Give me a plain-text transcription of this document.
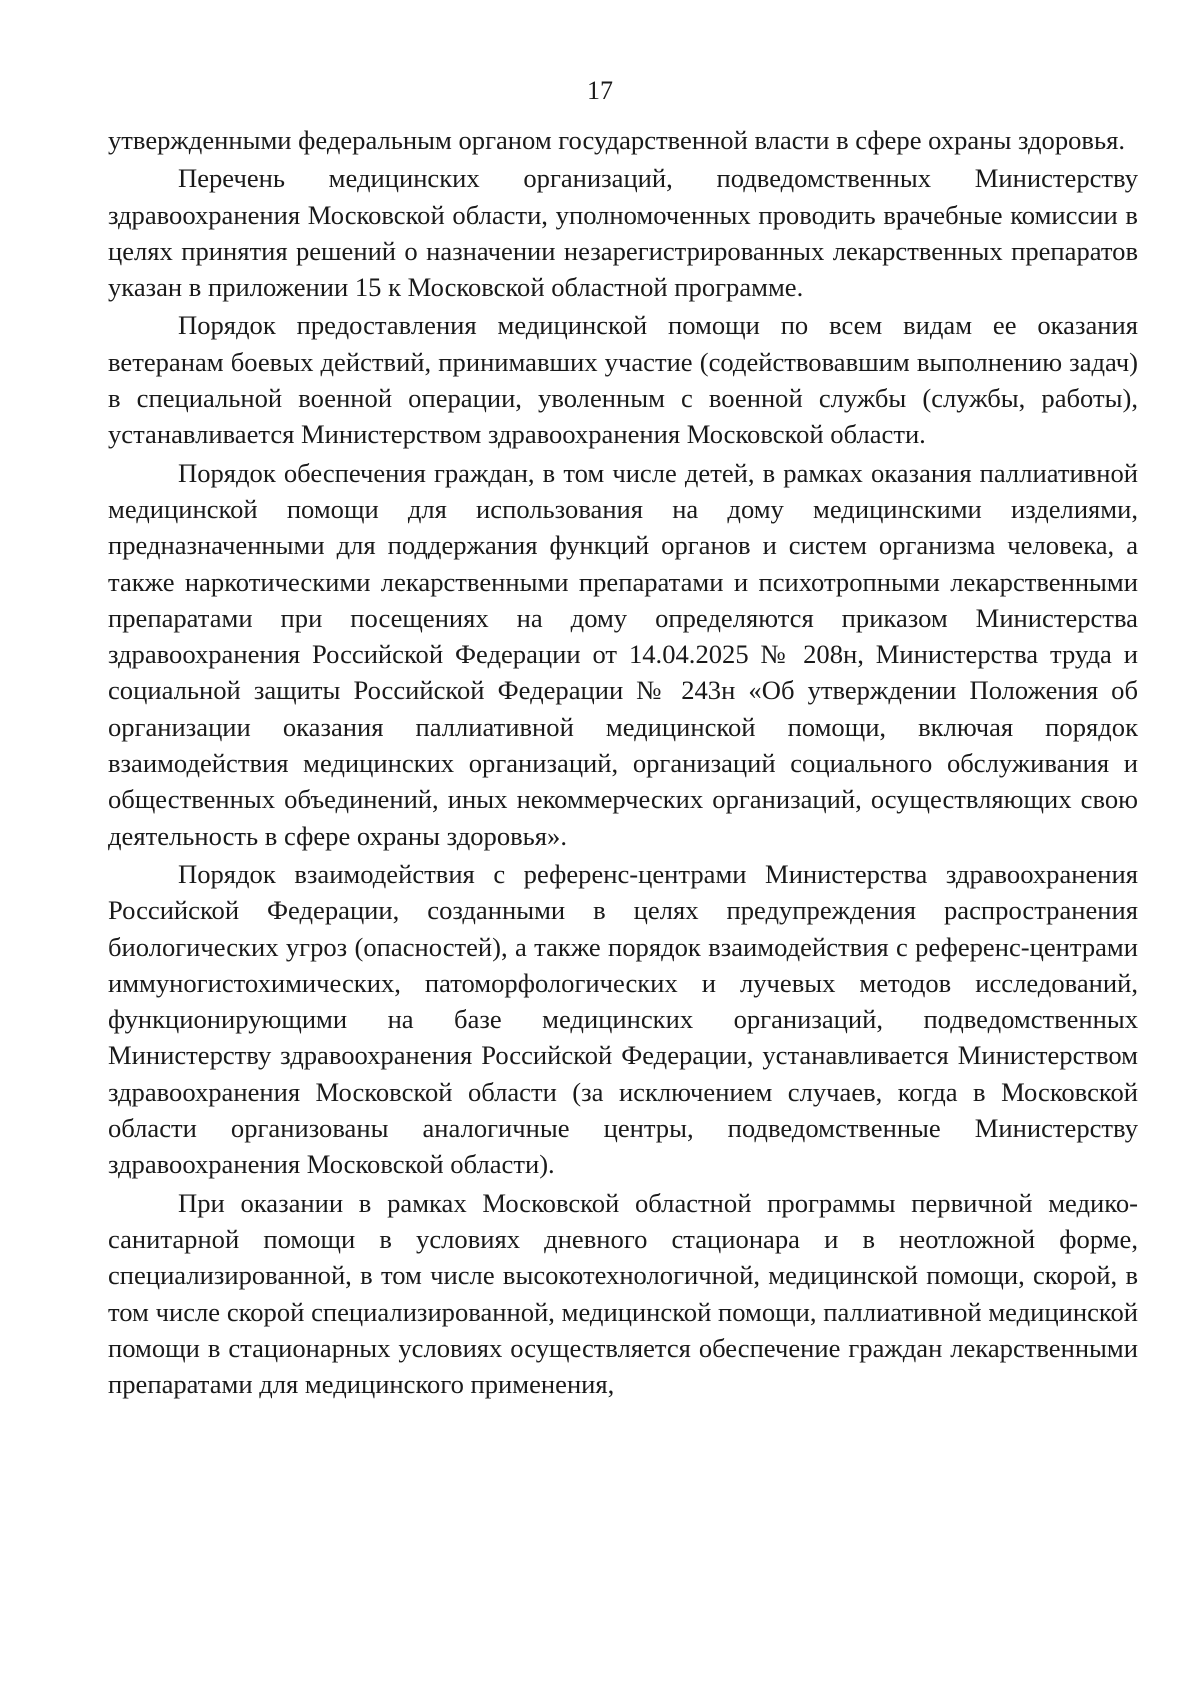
17

утвержденными федеральным органом государственной власти в сфере охраны здоровья.

Перечень медицинских организаций, подведомственных Министерству здравоохранения Московской области, уполномоченных проводить врачебные комиссии в целях принятия решений о назначении незарегистрированных лекарственных препаратов указан в приложении 15 к Московской областной программе.

Порядок предоставления медицинской помощи по всем видам ее оказания ветеранам боевых действий, принимавших участие (содействовавшим выполнению задач) в специальной военной операции, уволенным с военной службы (службы, работы), устанавливается Министерством здравоохранения Московской области.

Порядок обеспечения граждан, в том числе детей, в рамках оказания паллиативной медицинской помощи для использования на дому медицинскими изделиями, предназначенными для поддержания функций органов и систем организма человека, а также наркотическими лекарственными препаратами и психотропными лекарственными препаратами при посещениях на дому определяются приказом Министерства здравоохранения Российской Федерации от 14.04.2025 № 208н, Министерства труда и социальной защиты Российской Федерации № 243н «Об утверждении Положения об организации оказания паллиативной медицинской помощи, включая порядок взаимодействия медицинских организаций, организаций социального обслуживания и общественных объединений, иных некоммерческих организаций, осуществляющих свою деятельность в сфере охраны здоровья».

Порядок взаимодействия с референс-центрами Министерства здравоохранения Российской Федерации, созданными в целях предупреждения распространения биологических угроз (опасностей), а также порядок взаимодействия с референс-центрами иммуногистохимических, патоморфологических и лучевых методов исследований, функционирующими на базе медицинских организаций, подведомственных Министерству здравоохранения Российской Федерации, устанавливается Министерством здравоохранения Московской области (за исключением случаев, когда в Московской области организованы аналогичные центры, подведомственные Министерству здравоохранения Московской области).

При оказании в рамках Московской областной программы первичной медико-санитарной помощи в условиях дневного стационара и в неотложной форме, специализированной, в том числе высокотехнологичной, медицинской помощи, скорой, в том числе скорой специализированной, медицинской помощи, паллиативной медицинской помощи в стационарных условиях осуществляется обеспечение граждан лекарственными препаратами для медицинского применения,
